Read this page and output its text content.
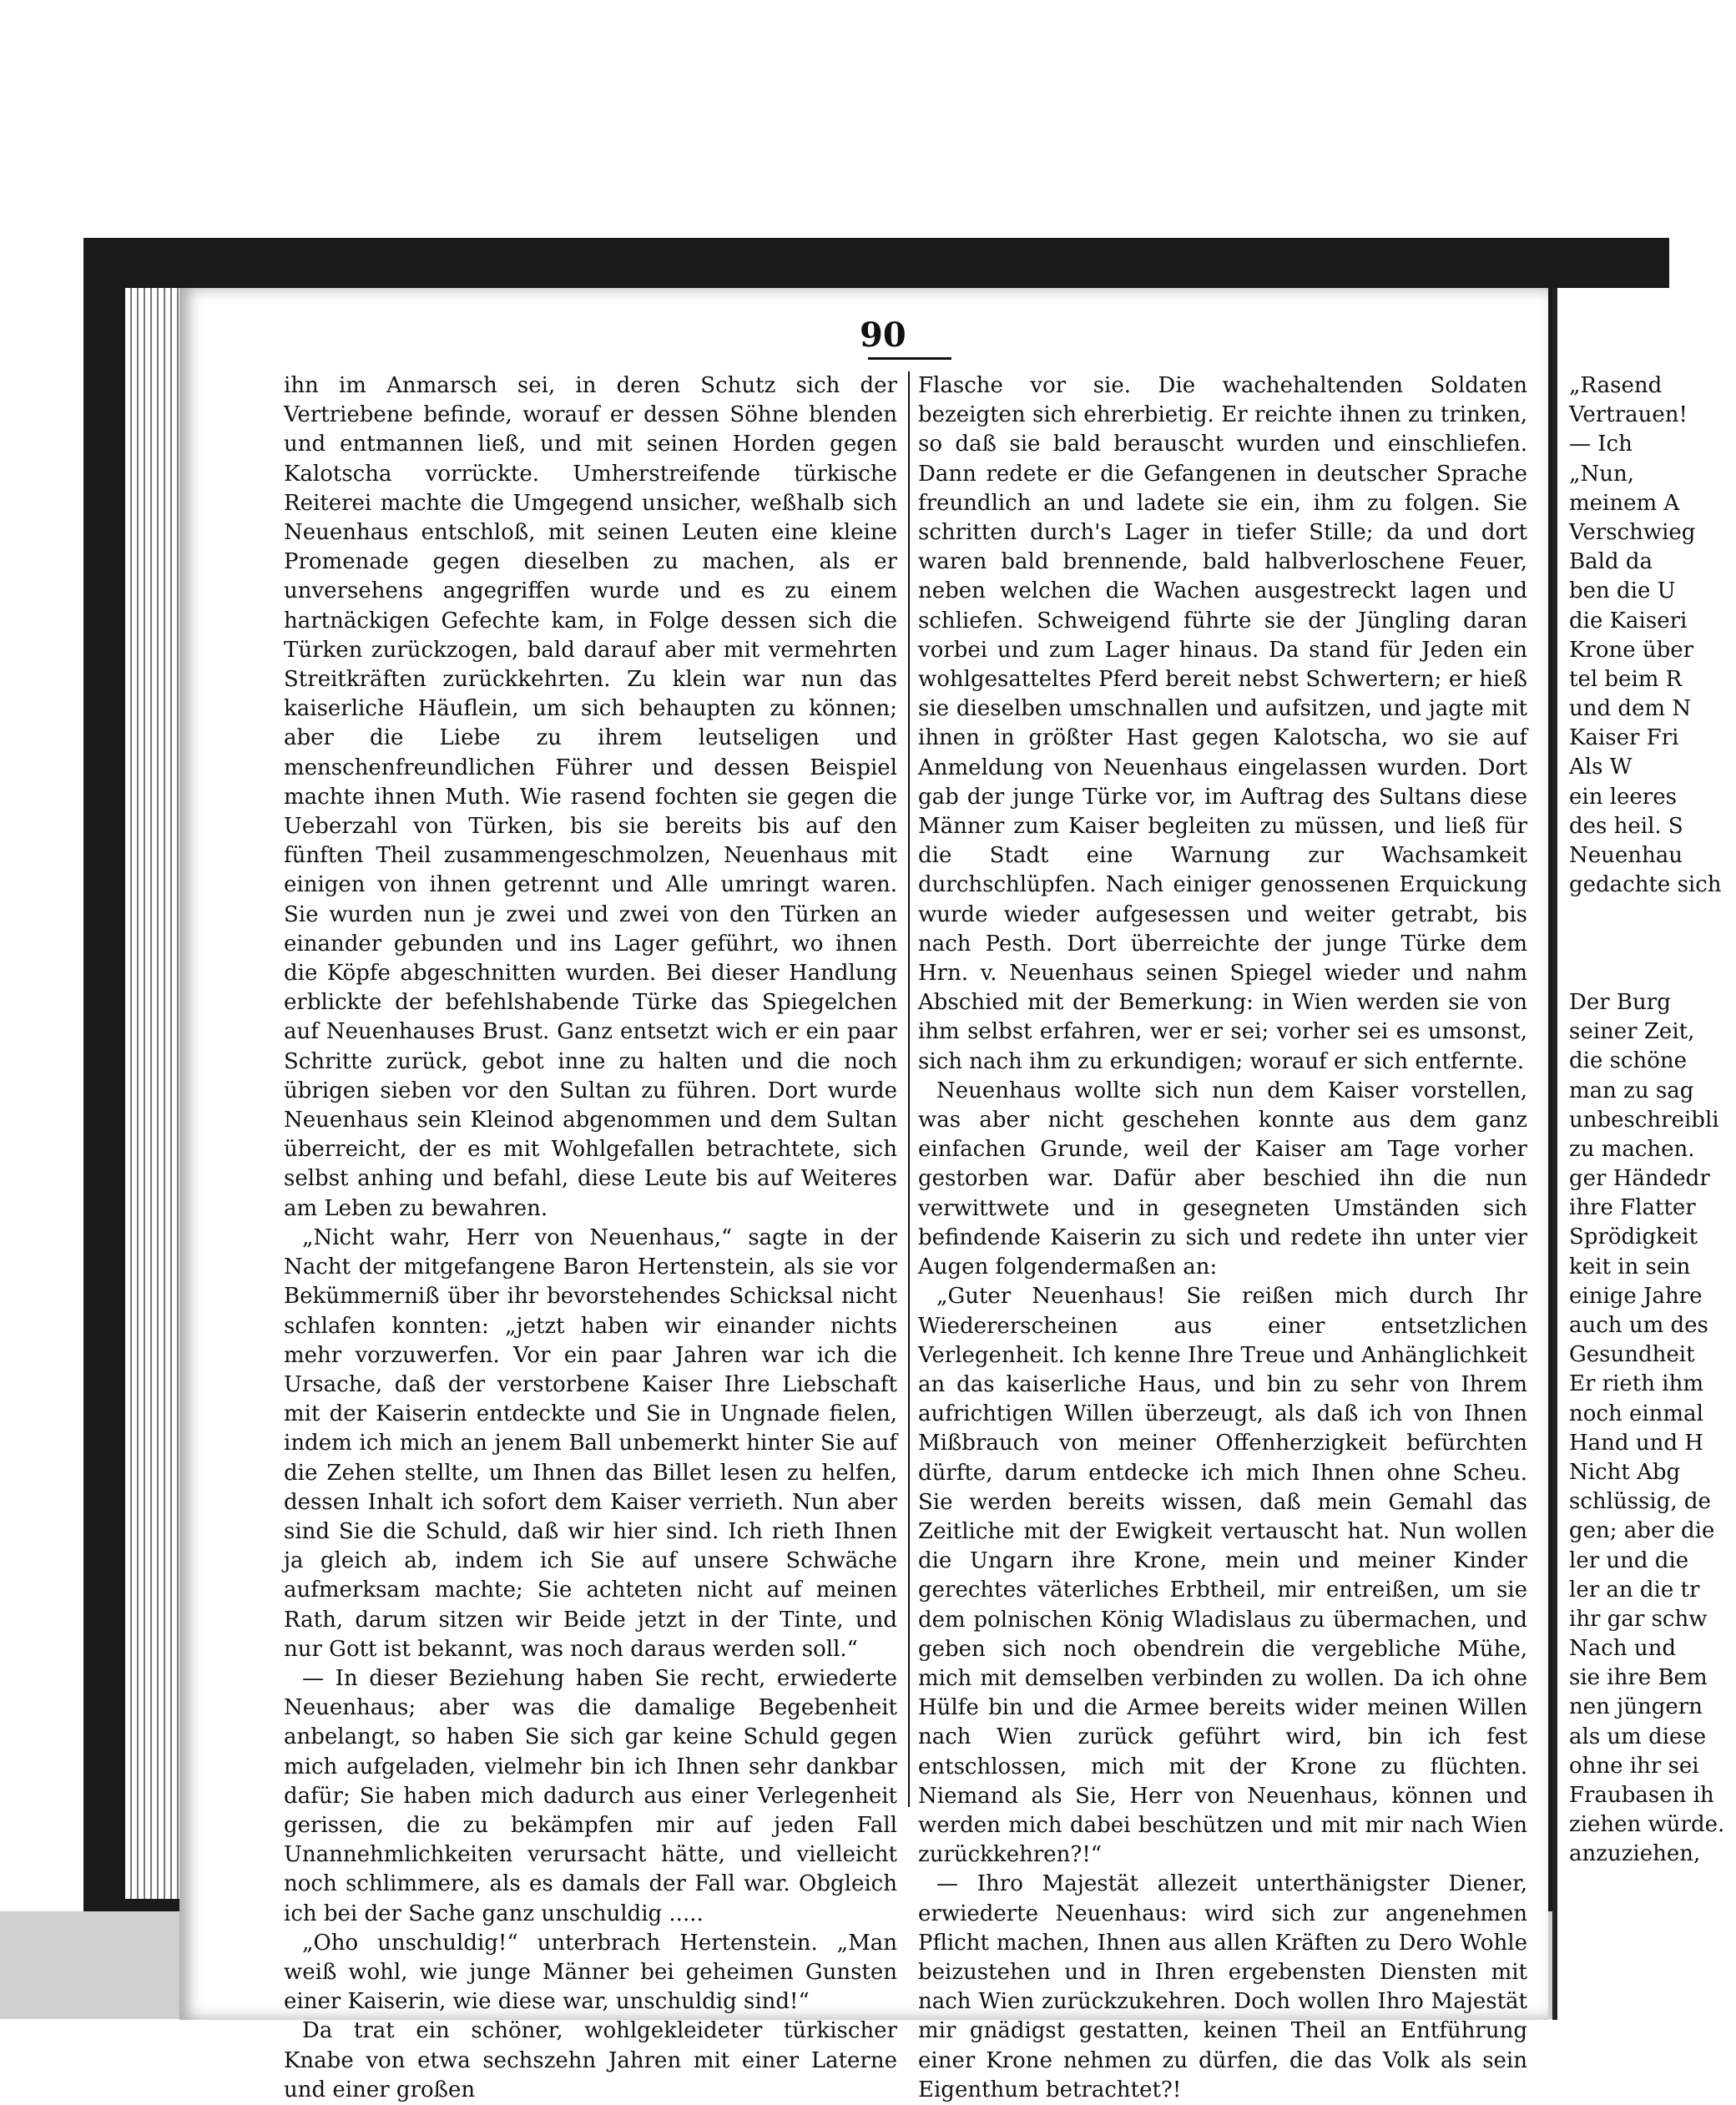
90

ihn im Anmarsch sei, in deren Schutz sich der Vertriebene befinde, worauf er dessen Söhne blenden und entmannen ließ, und mit seinen Horden gegen Kalotscha vorrückte. Umherstreifende türkische Reiterei machte die Umgegend unsicher, weßhalb sich Neuenhaus entschloß, mit seinen Leuten eine kleine Promenade gegen dieselben zu machen, als er unversehens angegriffen wurde und es zu einem hartnäckigen Gefechte kam, in Folge dessen sich die Türken zurückzogen, bald darauf aber mit vermehrten Streitkräften zurückkehrten. Zu klein war nun das kaiserliche Häuflein, um sich behaupten zu können; aber die Liebe zu ihrem leutseligen und menschenfreundlichen Führer und dessen Beispiel machte ihnen Muth. Wie rasend fochten sie gegen die Ueberzahl von Türken, bis sie bereits bis auf den fünften Theil zusammengeschmolzen, Neuenhaus mit einigen von ihnen getrennt und Alle umringt waren. Sie wurden nun je zwei und zwei von den Türken an einander gebunden und ins Lager geführt, wo ihnen die Köpfe abgeschnitten wurden. Bei dieser Handlung erblickte der befehlshabende Türke das Spiegelchen auf Neuenhauses Brust. Ganz entsetzt wich er ein paar Schritte zurück, gebot inne zu halten und die noch übrigen sieben vor den Sultan zu führen. Dort wurde Neuenhaus sein Kleinod abgenommen und dem Sultan überreicht, der es mit Wohlgefallen betrachtete, sich selbst anhing und befahl, diese Leute bis auf Weiteres am Leben zu bewahren.

„Nicht wahr, Herr von Neuenhaus,“ sagte in der Nacht der mitgefangene Baron Hertenstein, als sie vor Bekümmerniß über ihr bevorstehendes Schicksal nicht schlafen konnten: „jetzt haben wir einander nichts mehr vorzuwerfen. Vor ein paar Jahren war ich die Ursache, daß der verstorbene Kaiser Ihre Liebschaft mit der Kaiserin entdeckte und Sie in Ungnade fielen, indem ich mich an jenem Ball unbemerkt hinter Sie auf die Zehen stellte, um Ihnen das Billet lesen zu helfen, dessen Inhalt ich sofort dem Kaiser verrieth. Nun aber sind Sie die Schuld, daß wir hier sind. Ich rieth Ihnen ja gleich ab, indem ich Sie auf unsere Schwäche aufmerksam machte; Sie achteten nicht auf meinen Rath, darum sitzen wir Beide jetzt in der Tinte, und nur Gott ist bekannt, was noch daraus werden soll.“

— In dieser Beziehung haben Sie recht, erwiederte Neuenhaus; aber was die damalige Begebenheit anbelangt, so haben Sie sich gar keine Schuld gegen mich aufgeladen, vielmehr bin ich Ihnen sehr dankbar dafür; Sie haben mich dadurch aus einer Verlegenheit gerissen, die zu bekämpfen mir auf jeden Fall Unannehmlichkeiten verursacht hätte, und vielleicht noch schlimmere, als es damals der Fall war. Obgleich ich bei der Sache ganz unschuldig .....

„Oho unschuldig!“ unterbrach Hertenstein. „Man weiß wohl, wie junge Männer bei geheimen Gunsten einer Kaiserin, wie diese war, unschuldig sind!“

Da trat ein schöner, wohlgekleideter türkischer Knabe von etwa sechszehn Jahren mit einer Laterne und einer großen

Flasche vor sie. Die wachehaltenden Soldaten bezeigten sich ehrerbietig. Er reichte ihnen zu trinken, so daß sie bald berauscht wurden und einschliefen. Dann redete er die Gefangenen in deutscher Sprache freundlich an und ladete sie ein, ihm zu folgen. Sie schritten durch's Lager in tiefer Stille; da und dort waren bald brennende, bald halbverloschene Feuer, neben welchen die Wachen ausgestreckt lagen und schliefen. Schweigend führte sie der Jüngling daran vorbei und zum Lager hinaus. Da stand für Jeden ein wohlgesatteltes Pferd bereit nebst Schwertern; er hieß sie dieselben umschnallen und aufsitzen, und jagte mit ihnen in größter Hast gegen Kalotscha, wo sie auf Anmeldung von Neuenhaus eingelassen wurden. Dort gab der junge Türke vor, im Auftrag des Sultans diese Männer zum Kaiser begleiten zu müssen, und ließ für die Stadt eine Warnung zur Wachsamkeit durchschlüpfen. Nach einiger genossenen Erquickung wurde wieder aufgesessen und weiter getrabt, bis nach Pesth. Dort überreichte der junge Türke dem Hrn. v. Neuenhaus seinen Spiegel wieder und nahm Abschied mit der Bemerkung: in Wien werden sie von ihm selbst erfahren, wer er sei; vorher sei es umsonst, sich nach ihm zu erkundigen; worauf er sich entfernte.

Neuenhaus wollte sich nun dem Kaiser vorstellen, was aber nicht geschehen konnte aus dem ganz einfachen Grunde, weil der Kaiser am Tage vorher gestorben war. Dafür aber beschied ihn die nun verwittwete und in gesegneten Umständen sich befindende Kaiserin zu sich und redete ihn unter vier Augen folgendermaßen an:

„Guter Neuenhaus! Sie reißen mich durch Ihr Wiedererscheinen aus einer entsetzlichen Verlegenheit. Ich kenne Ihre Treue und Anhänglichkeit an das kaiserliche Haus, und bin zu sehr von Ihrem aufrichtigen Willen überzeugt, als daß ich von Ihnen Mißbrauch von meiner Offenherzigkeit befürchten dürfte, darum entdecke ich mich Ihnen ohne Scheu. Sie werden bereits wissen, daß mein Gemahl das Zeitliche mit der Ewigkeit vertauscht hat. Nun wollen die Ungarn ihre Krone, mein und meiner Kinder gerechtes väterliches Erbtheil, mir entreißen, um sie dem polnischen König Wladislaus zu übermachen, und geben sich noch obendrein die vergebliche Mühe, mich mit demselben verbinden zu wollen. Da ich ohne Hülfe bin und die Armee bereits wider meinen Willen nach Wien zurück geführt wird, bin ich fest entschlossen, mich mit der Krone zu flüchten. Niemand als Sie, Herr von Neuenhaus, können und werden mich dabei beschützen und mit mir nach Wien zurückkehren?!“

— Ihro Majestät allezeit unterthänigster Diener, erwiederte Neuenhaus: wird sich zur angenehmen Pflicht machen, Ihnen aus allen Kräften zu Dero Wohle beizustehen und in Ihren ergebensten Diensten mit nach Wien zurückzukehren. Doch wollen Ihro Majestät mir gnädigst gestatten, keinen Theil an Entführung einer Krone nehmen zu dürfen, die das Volk als sein Eigenthum betrachtet?!

„Rasend
Vertrauen!
— Ich
„Nun,
meinem A
Verschwieg
Bald da
ben die U
die Kaiseri
Krone über
tel beim R
und dem N
Kaiser Fri
Als W
ein leeres
des heil. S
Neuenhau
gedachte sich
Der Burg
seiner Zeit,
die schöne
man zu sag
unbeschreibli
zu machen.
ger Händedr
ihre Flatter
Sprödigkeit
keit in sein
einige Jahre
auch um des
Gesundheit
Er rieth ihm
noch einmal
Hand und H
Nicht Abg
schlüssig, de
gen; aber die
ler und die
ler an die tr
ihr gar schw
Nach und
sie ihre Bem
nen jüngern
als um diese
ohne ihr sei
Fraubasen ih
ziehen würde.
anzuziehen,
